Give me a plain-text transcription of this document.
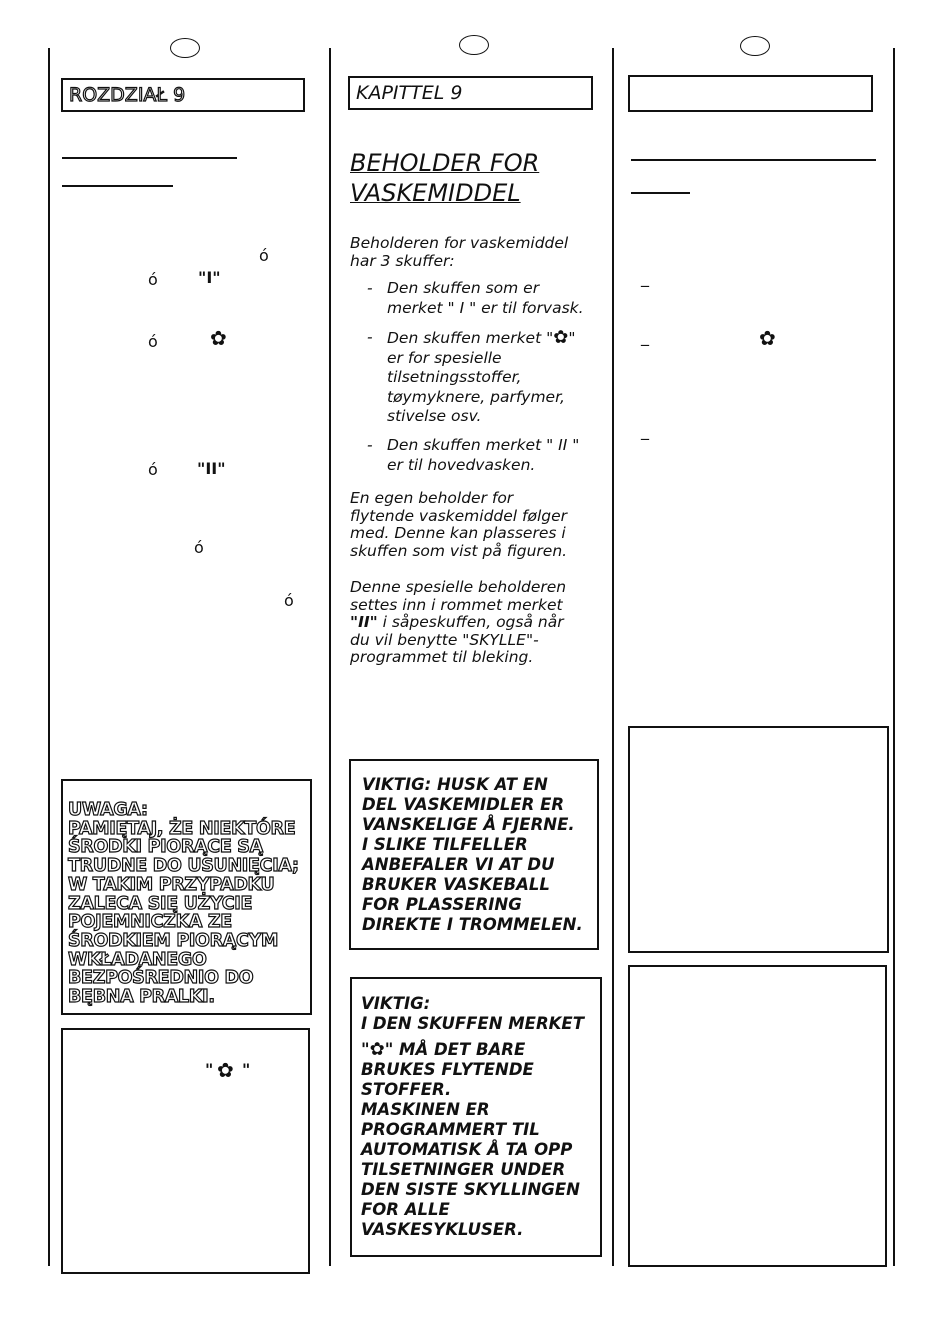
ROZDZIAŁ 9
ó
ó	"I"
ó	✿
ó "II"
ó
ó
UWAGA:
PAMIĘTAJ, ŻE NIEKTÓRE
ŚRODKI PIORĄCE SĄ
TRUDNE DO USUNIĘCIA;
W TAKIM PRZYPADKU
ZALECA SIĘ UŻYCIE
POJEMNICZKA ZE
ŚRODKIEM PIORĄCYM
WKŁADANEGO
BEZPOŚREDNIO DO
BĘBNA PRALKI.
" ✿ "
KAPITTEL 9
BEHOLDER FOR
VASKEMIDDEL
Beholderen for vaskemiddel
har 3 skuffer:
- Den skuffen som er
merket " I " er til forvask.
- Den skuffen merket "✿"
er for spesielle
tilsetningsstoffer,
tøymyknere, parfymer,
stivelse osv.
- Den skuffen merket " II "
er til hovedvasken.
En egen beholder for
flytende vaskemiddel følger
med. Denne kan plasseres i
skuffen som vist på figuren.
Denne spesielle beholderen
settes inn i rommet merket
"II" i såpeskuffen, også når
du vil benytte "SKYLLE"-
programmet til bleking.
VIKTIG: HUSK AT EN
DEL VASKEMIDLER ER
VANSKELIGE Å FJERNE.
I SLIKE TILFELLER
ANBEFALER VI AT DU
BRUKER VASKEBALL
FOR PLASSERING
DIREKTE I TROMMELEN.
VIKTIG:
I DEN SKUFFEN MERKET
"✿" MÅ DET BARE
BRUKES FLYTENDE
STOFFER.
MASKINEN ER
PROGRAMMERT TIL
AUTOMATISK Å TA OPP
TILSETNINGER UNDER
DEN SISTE SKYLLINGEN
FOR ALLE
VASKESYKLUSER.
_
_	✿
_
